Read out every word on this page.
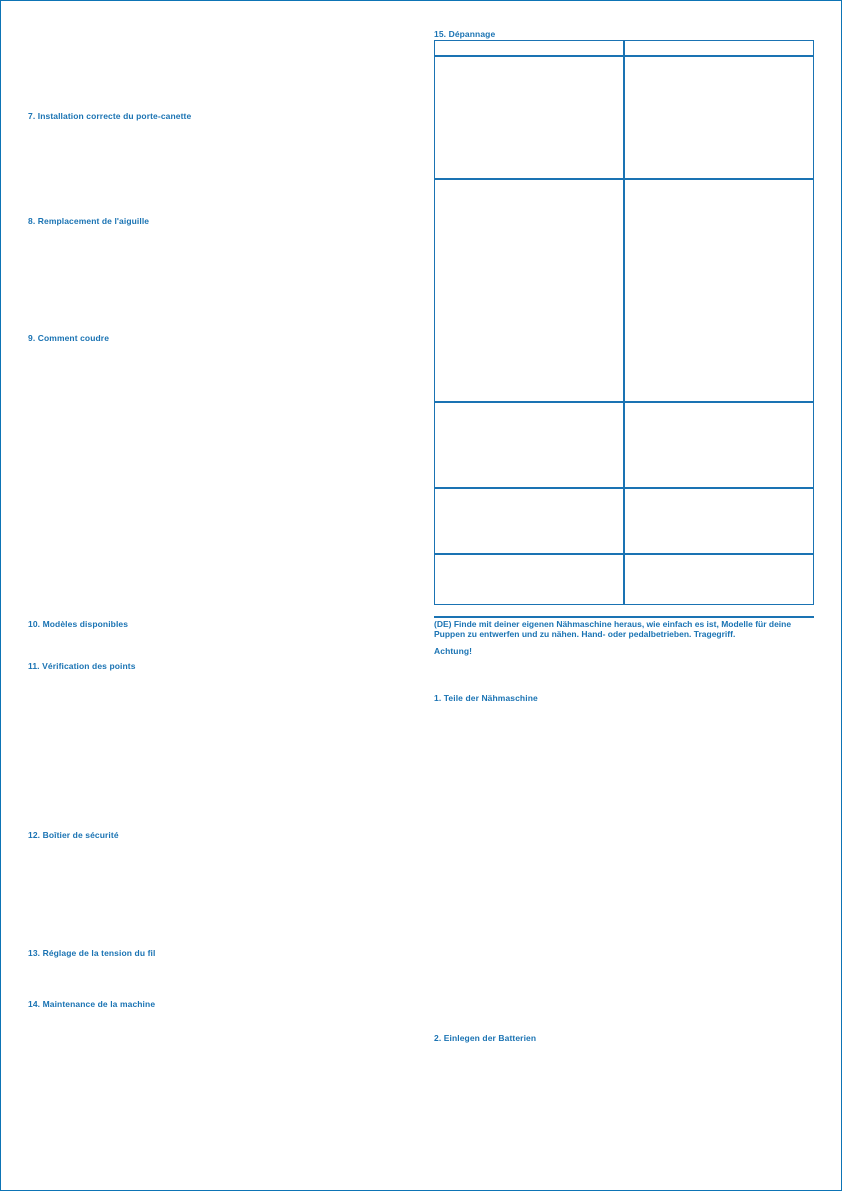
7. Installation correcte du porte-canette
8. Remplacement de l'aiguille
9. Comment coudre
10. Modèles disponibles
11. Vérification des points
12. Boîtier de sécurité
13. Réglage de la tension du fil
14. Maintenance de la machine
15. Dépannage

(DE) Finde mit deiner eigenen Nähmaschine heraus, wie einfach es ist, Modelle für deine Puppen zu entwerfen und zu nähen. Hand- oder pedalbetrieben. Tragegriff.

Achtung!
1. Teile der Nähmaschine
2. Einlegen der Batterien
